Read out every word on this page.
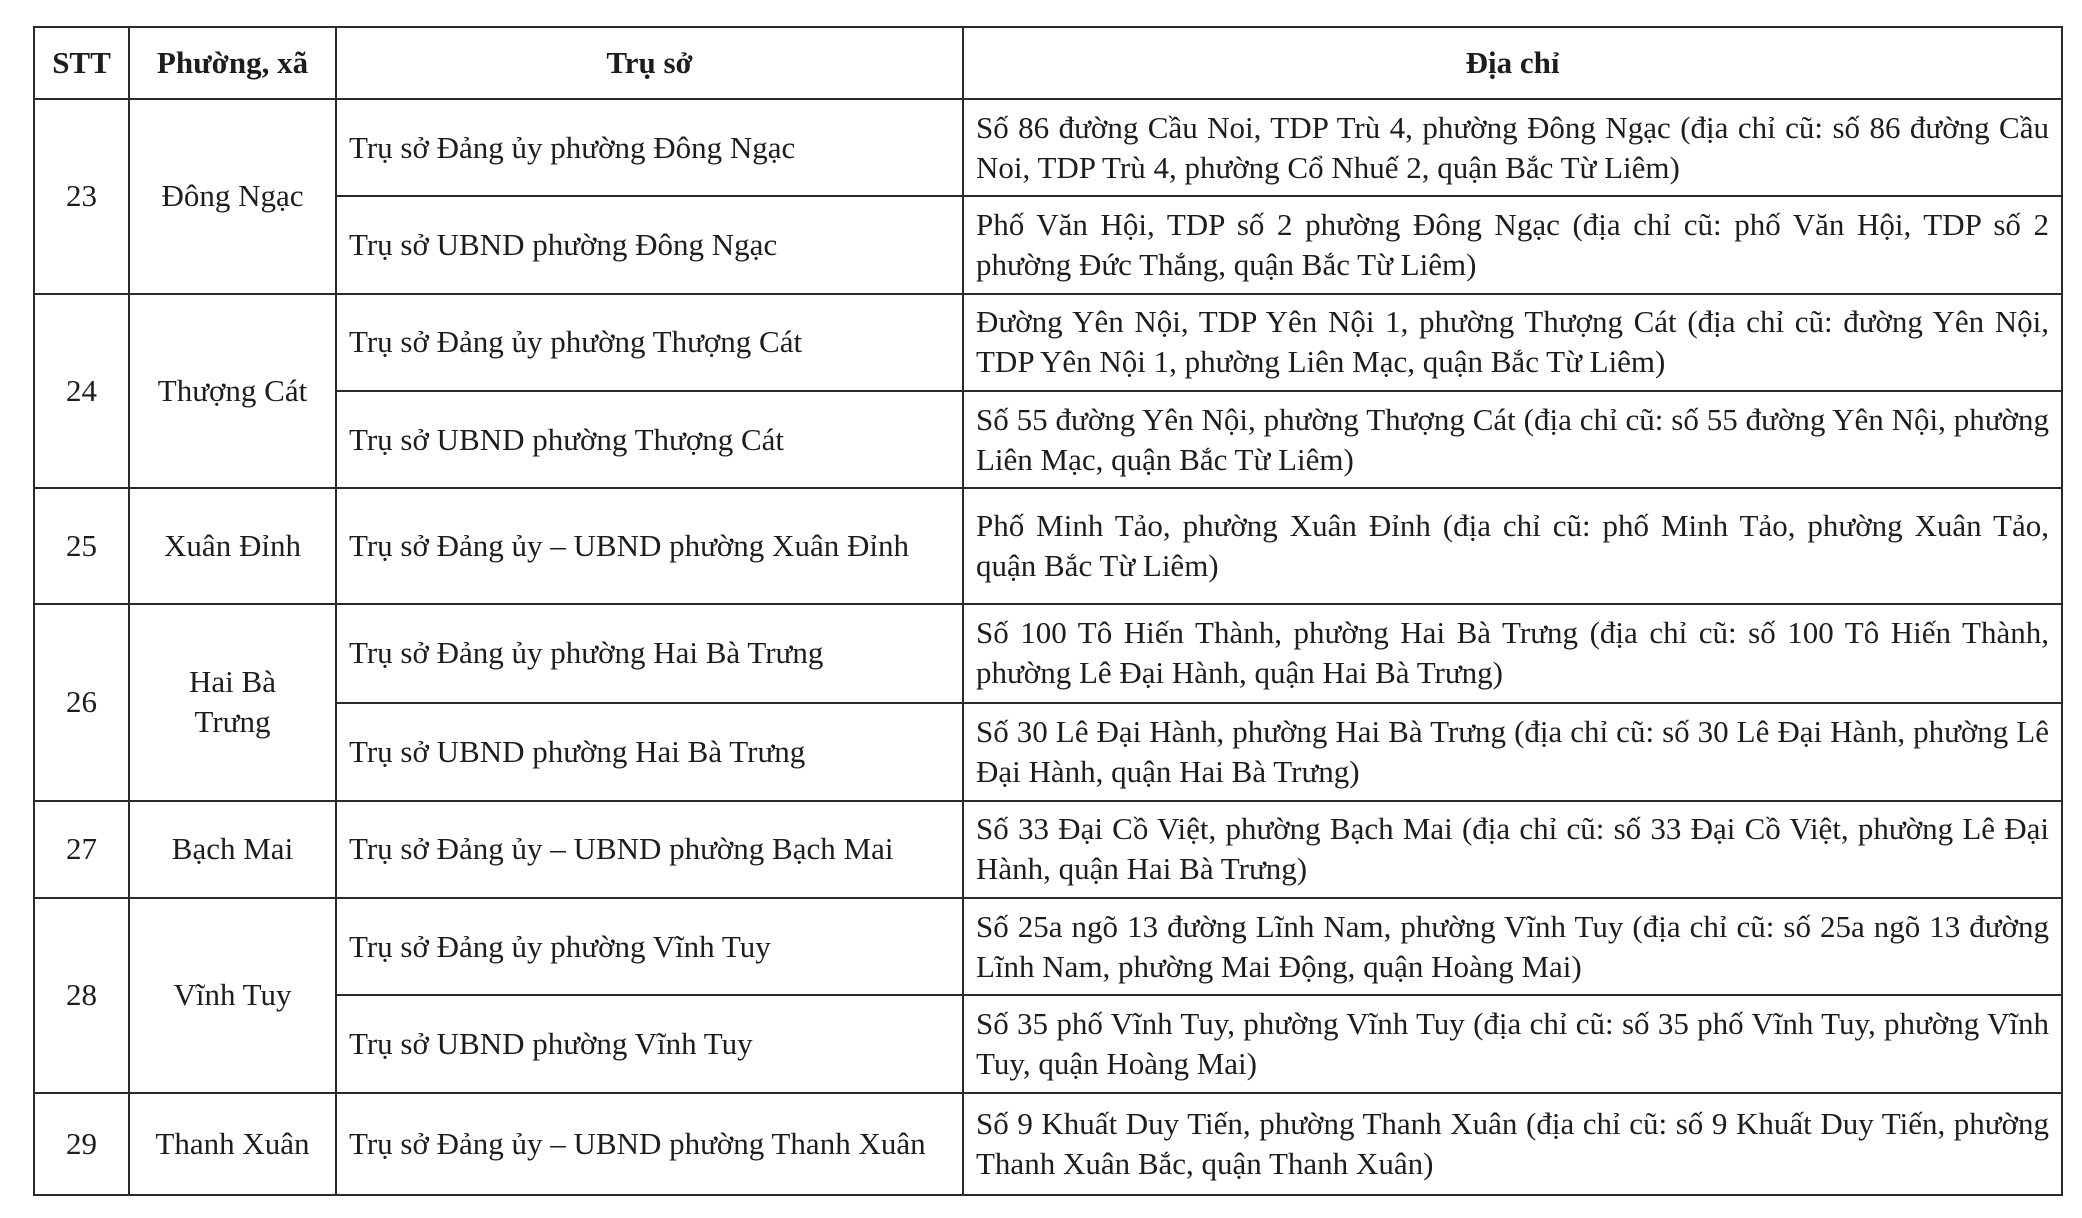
STT	Phường, xã	Trụ sở	Địa chỉ
23	Đông Ngạc	Trụ sở Đảng ủy phường Đông Ngạc	Số 86 đường Cầu Noi, TDP Trù 4, phường Đông Ngạc (địa chỉ cũ: số 86 đường Cầu Noi, TDP Trù 4, phường Cổ Nhuế 2, quận Bắc Từ Liêm)
		Trụ sở UBND phường Đông Ngạc	Phố Văn Hội, TDP số 2 phường Đông Ngạc (địa chỉ cũ: phố Văn Hội, TDP số 2 phường Đức Thắng, quận Bắc Từ Liêm)
24	Thượng Cát	Trụ sở Đảng ủy phường Thượng Cát	Đường Yên Nội, TDP Yên Nội 1, phường Thượng Cát (địa chỉ cũ: đường Yên Nội, TDP Yên Nội 1, phường Liên Mạc, quận Bắc Từ Liêm)
		Trụ sở UBND phường Thượng Cát	Số 55 đường Yên Nội, phường Thượng Cát (địa chỉ cũ: số 55 đường Yên Nội, phường Liên Mạc, quận Bắc Từ Liêm)
25	Xuân Đỉnh	Trụ sở Đảng ủy – UBND phường Xuân Đỉnh	Phố Minh Tảo, phường Xuân Đỉnh (địa chỉ cũ: phố Minh Tảo, phường Xuân Tảo, quận Bắc Từ Liêm)
26	Hai Bà Trưng	Trụ sở Đảng ủy phường Hai Bà Trưng	Số 100 Tô Hiến Thành, phường Hai Bà Trưng (địa chỉ cũ: số 100 Tô Hiến Thành, phường Lê Đại Hành, quận Hai Bà Trưng)
		Trụ sở UBND phường Hai Bà Trưng	Số 30 Lê Đại Hành, phường Hai Bà Trưng (địa chỉ cũ: số 30 Lê Đại Hành, phường Lê Đại Hành, quận Hai Bà Trưng)
27	Bạch Mai	Trụ sở Đảng ủy – UBND phường Bạch Mai	Số 33 Đại Cồ Việt, phường Bạch Mai (địa chỉ cũ: số 33 Đại Cồ Việt, phường Lê Đại Hành, quận Hai Bà Trưng)
28	Vĩnh Tuy	Trụ sở Đảng ủy phường Vĩnh Tuy	Số 25a ngõ 13 đường Lĩnh Nam, phường Vĩnh Tuy (địa chỉ cũ: số 25a ngõ 13 đường Lĩnh Nam, phường Mai Động, quận Hoàng Mai)
		Trụ sở UBND phường Vĩnh Tuy	Số 35 phố Vĩnh Tuy, phường Vĩnh Tuy (địa chỉ cũ: số 35 phố Vĩnh Tuy, phường Vĩnh Tuy, quận Hoàng Mai)
29	Thanh Xuân	Trụ sở Đảng ủy – UBND phường Thanh Xuân	Số 9 Khuất Duy Tiến, phường Thanh Xuân (địa chỉ cũ: số 9 Khuất Duy Tiến, phường Thanh Xuân Bắc, quận Thanh Xuân)
